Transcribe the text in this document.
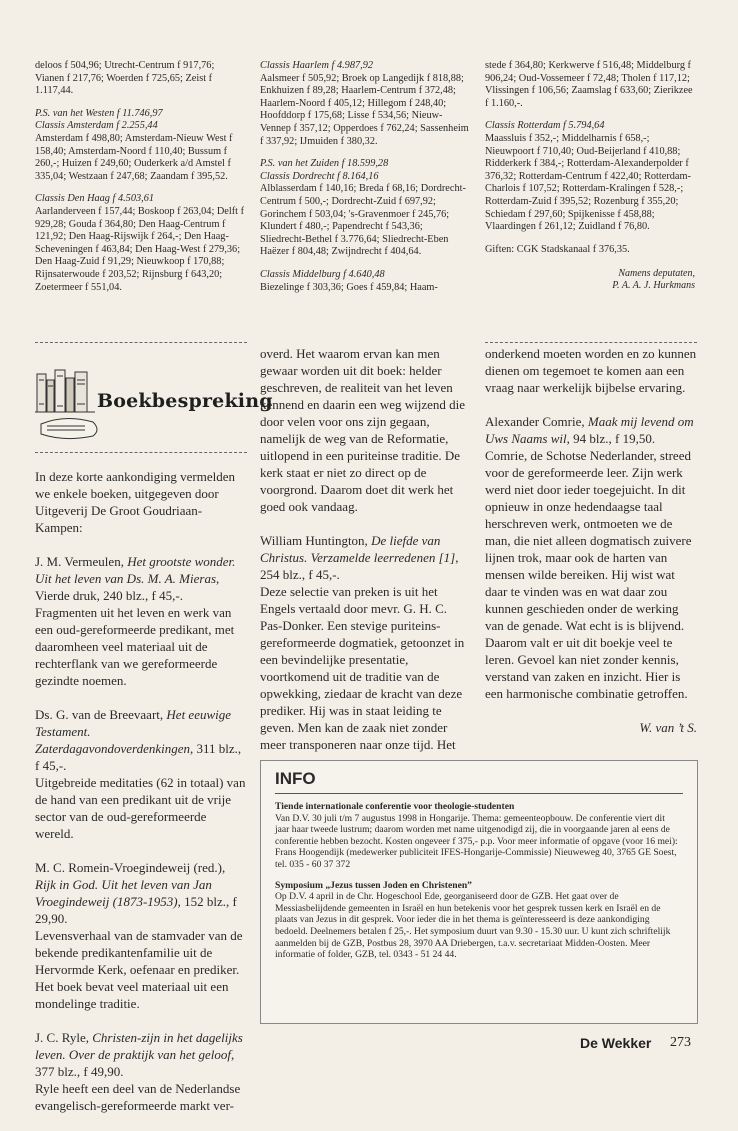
deloos f 504,96; Utrecht-Centrum f 917,76; Vianen f 217,76; Woerden f 725,65; Zeist f 1.117,44.

P.S. van het Westen f 11.746,97
Classis Amsterdam f 2.255,44
Amsterdam f 498,80; Amsterdam-Nieuw West f 158,40; Amsterdam-Noord f 110,40; Bussum f 260,-; Huizen f 249,60; Ouderkerk a/d Amstel f 335,04; Westzaan f 247,68; Zaandam f 395,52.

Classis Den Haag f 4.503,61
Aarlanderveen f 157,44; Boskoop f 263,04; Delft f 929,28; Gouda f 364,80; Den Haag-Centrum f 121,92; Den Haag-Rijswijk f 264,-; Den Haag-Scheveningen f 463,84; Den Haag-West f 279,36; Den Haag-Zuid f 91,29; Nieuwkoop f 170,88; Rijnsaterwoude f 203,52; Rijnsburg f 643,20; Zoetermeer f 551,04.

Classis Haarlem f 4.987,92
Aalsmeer f 505,92; Broek op Langedijk f 818,88; Enkhuizen f 89,28; Haarlem-Centrum f 372,48; Haarlem-Noord f 405,12; Hillegom f 248,40; Hoofddorp f 175,68; Lisse f 534,56; Nieuw-Vennep f 357,12; Opperdoes f 762,24; Sassenheim f 337,92; IJmuiden f 380,32.

P.S. van het Zuiden f 18.599,28
Classis Dordrecht f 8.164,16
Alblasserdam f 140,16; Breda f 68,16; Dordrecht-Centrum f 500,-; Dordrecht-Zuid f 697,92; Gorinchem f 503,04; 's-Gravenmoer f 245,76; Klundert f 480,-; Papendrecht f 543,36; Sliedrecht-Bethel f 3.776,64; Sliedrecht-Eben Haëzer f 804,48; Zwijndrecht f 404,64.

Classis Middelburg f 4.640,48
Biezelinge f 303,36; Goes f 459,84; Haam-

stede f 364,80; Kerkwerve f 516,48; Middelburg f 906,24; Oud-Vossemeer f 72,48; Tholen f 117,12; Vlissingen f 106,56; Zaamslag f 633,60; Zierikzee f 1.160,-.

Classis Rotterdam f 5.794,64
Maassluis f 352,-; Middelharnis f 658,-; Nieuwpoort f 710,40; Oud-Beijerland f 410,88; Ridderkerk f 384,-; Rotterdam-Alexanderpolder f 376,32; Rotterdam-Centrum f 422,40; Rotterdam-Charlois f 107,52; Rotterdam-Kralingen f 528,-; Rotterdam-Zuid f 395,52; Rozenburg f 355,20; Schiedam f 297,60; Spijkenisse f 458,88; Vlaardingen f 261,12; Zuidland f 76,80.

Giften: CGK Stadskanaal f 376,35.

Namens deputaten,
P. A. A. J. Hurkmans
Boekbespreking

In deze korte aankondiging vermelden we enkele boeken, uitgegeven door Uitgeverij De Groot Goudriaan-Kampen:

J. M. Vermeulen, Het grootste wonder. Uit het leven van Ds. M. A. Mieras, Vierde druk, 240 blz., f 45,-.

Fragmenten uit het leven en werk van een oud-gereformeerde predikant, met daaromheen veel materiaal uit de rechterflank van we gereformeerde gezindte noemen.

Ds. G. van de Breevaart, Het eeuwige Testament. Zaterdagavondoverdenkingen, 311 blz., f 45,-.

Uitgebreide meditaties (62 in totaal) van de hand van een predikant uit de vrije sector van de oud-gereformeerde wereld.

M. C. Romein-Vroegindeweij (red.), Rijk in God. Uit het leven van Jan Vroegindeweij (1873-1953), 152 blz., f 29,90.

Levensverhaal van de stamvader van de bekende predikantenfamilie uit de Hervormde Kerk, oefenaar en prediker. Het boek bevat veel materiaal uit een mondelinge traditie.

J. C. Ryle, Christen-zijn in het dagelijks leven. Over de praktijk van het geloof, 377 blz., f 49,90.

Ryle heeft een deel van de Nederlandse evangelisch-gereformeerde markt ver-

overd. Het waarom ervan kan men gewaar worden uit dit boek: helder geschreven, de realiteit van het leven kennend en daarin een weg wijzend die door velen voor ons zijn gegaan, namelijk de weg van de Reformatie, uitlopend in een puriteinse traditie. De kerk staat er niet zo direct op de voorgrond. Daarom doet dit werk het goed ook vandaag.

William Huntington, De liefde van Christus. Verzamelde leerredenen [1], 254 blz., f 45,-.

Deze selectie van preken is uit het Engels vertaald door mevr. G. H. C. Pas-Donker. Een stevige puriteins-gereformeerde dogmatiek, getoonzet in een bevindelijke presentatie, voortkomend uit de traditie van de opwekking, ziedaar de kracht van deze prediker. Hij was in staat leiding te geven. Men kan de zaak niet zonder meer transponeren naar onze tijd. Het

onderkend moeten worden en zo kunnen dienen om tegemoet te komen aan een vraag naar werkelijk bijbelse ervaring.

Alexander Comrie, Maak mij levend om Uws Naams wil, 94 blz., f 19,50.

Comrie, de Schotse Nederlander, streed voor de gereformeerde leer. Zijn werk werd niet door ieder toegejuicht. In dit opnieuw in onze hedendaagse taal herschreven werk, ontmoeten we de man, die niet alleen dogmatisch zuivere lijnen trok, maar ook de harten van mensen wilde bereiken. Hij wist wat daar te vinden was en wat daar zou kunnen geschieden onder de werking van de genade. Wat echt is is blijvend. Daarom valt er uit dit boekje veel te leren. Gevoel kan niet zonder kennis, verstand van zaken en inzicht. Hier is een harmonische combinatie getroffen.

W. van ’t S.

INFO

Tiende internationale conferentie voor theologie-studenten
Van D.V. 30 juli t/m 7 augustus 1998 in Hongarije. Thema: gemeenteopbouw. De conferentie viert dit jaar haar tweede lustrum; daarom worden met name uitgenodigd zij, die in voorgaande jaren al eens de conferentie hebben bezocht. Kosten ongeveer f 375,- p.p. Voor meer informatie of opgave (voor 16 mei): Frans Hoogendijk (medewerker publiciteit IFES-Hongarije-Commissie) Nieuweweg 40, 3765 GE Soest, tel. 035 - 60 37 372

Symposium „Jezus tussen Joden en Christenen”
Op D.V. 4 april in de Chr. Hogeschool Ede, georganiseerd door de GZB. Het gaat over de Messiasbelijdende gemeenten in Israël en hun betekenis voor het gesprek tussen kerk en Israël en de plaats van Jezus in dit gesprek. Voor ieder die in het thema is geïnteresseerd is deze aankondiging bedoeld. Deelnemers betalen f 25,-. Het symposium duurt van 9.30 - 15.30 uur. U kunt zich schriftelijk aanmelden bij de GZB, Postbus 28, 3970 AA Driebergen, t.a.v. secretariaat Midden-Oosten. Meer informatie of folder, GZB, tel. 0343 - 51 24 44.

De Wekker 273
